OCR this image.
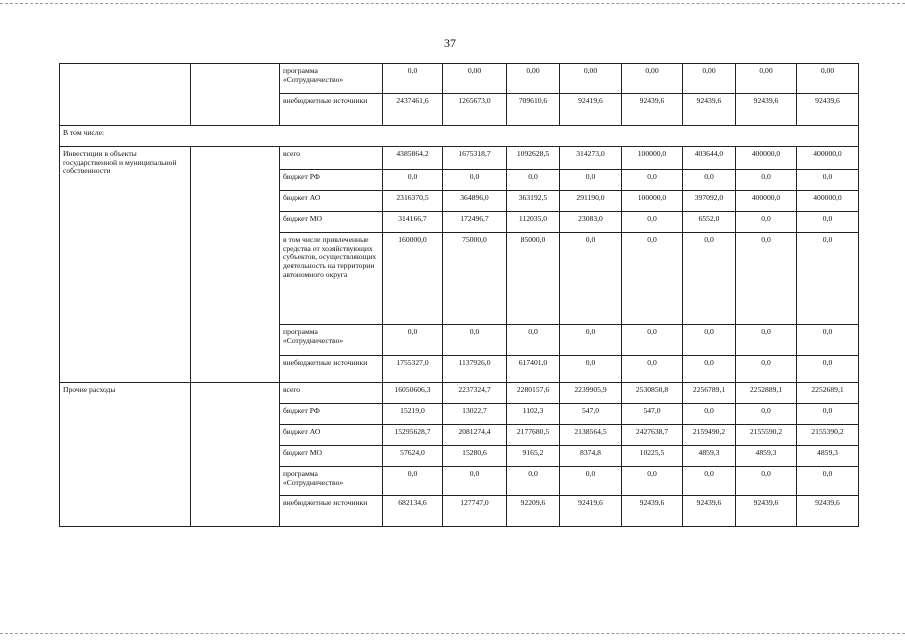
37
		программа «Сотрудничество»	0,0	0,00	0,00	0,00	0,00	0,00	0,00	0,00
		внебюджетные источники	2437461,6	1265673,0	709610,6	92419,6	92439,6	92439,6	92439,6	92439,6
В том числе:										
Инвестиции в объекты государственной и муниципальной собственности		всего	4385864,2	1675318,7	1092628,5	314273,0	100000,0	403644,0	400000,0	400000,0
		бюджет РФ	0,0	0,0	0,0	0,0	0,0	0,0	0,0	0,0
		бюджет АО	2316370,5	364896,0	363192,5	291190,0	100000,0	397092,0	400000,0	400000,0
		бюджет МО	314166,7	172496,7	112035,0	23083,0	0,0	6552,0	0,0	0,0
		в том числе привлеченные средства от хозяйствующих субъектов, осуществляющих деятельность на территории автономного округа	160000,0	75000,0	85000,0	0,0	0,0	0,0	0,0	0,0
		программа «Сотрудничество»	0,0	0,0	0,0	0,0	0,0	0,0	0,0	0,0
		внебюджетные источники	1755327,0	1137926,0	617401,0	0,0	0,0	0,0	0,0	0,0
Прочие расходы		всего	16050606,3	2237324,7	2280157,6	2239905,9	2530850,8	2256789,1	2252889,1	2252689,1
		бюджет РФ	15219,0	13022,7	1102,3	547,0	547,0	0,0	0,0	0,0
		бюджет АО	15295628,7	2081274,4	2177680,5	2138564,5	2427638,7	2159490,2	2155590,2	2155390,2
		бюджет МО	57624,0	15280,6	9165,2	8374,8	10225,5	4859,3	4859,3	4859,3
		программа «Сотрудничество»	0,0	0,0	0,0	0,0	0,0	0,0	0,0	0,0
		внебюджетные источники	682134,6	127747,0	92209,6	92419,6	92439,6	92439,6	92439,6	92439,6
